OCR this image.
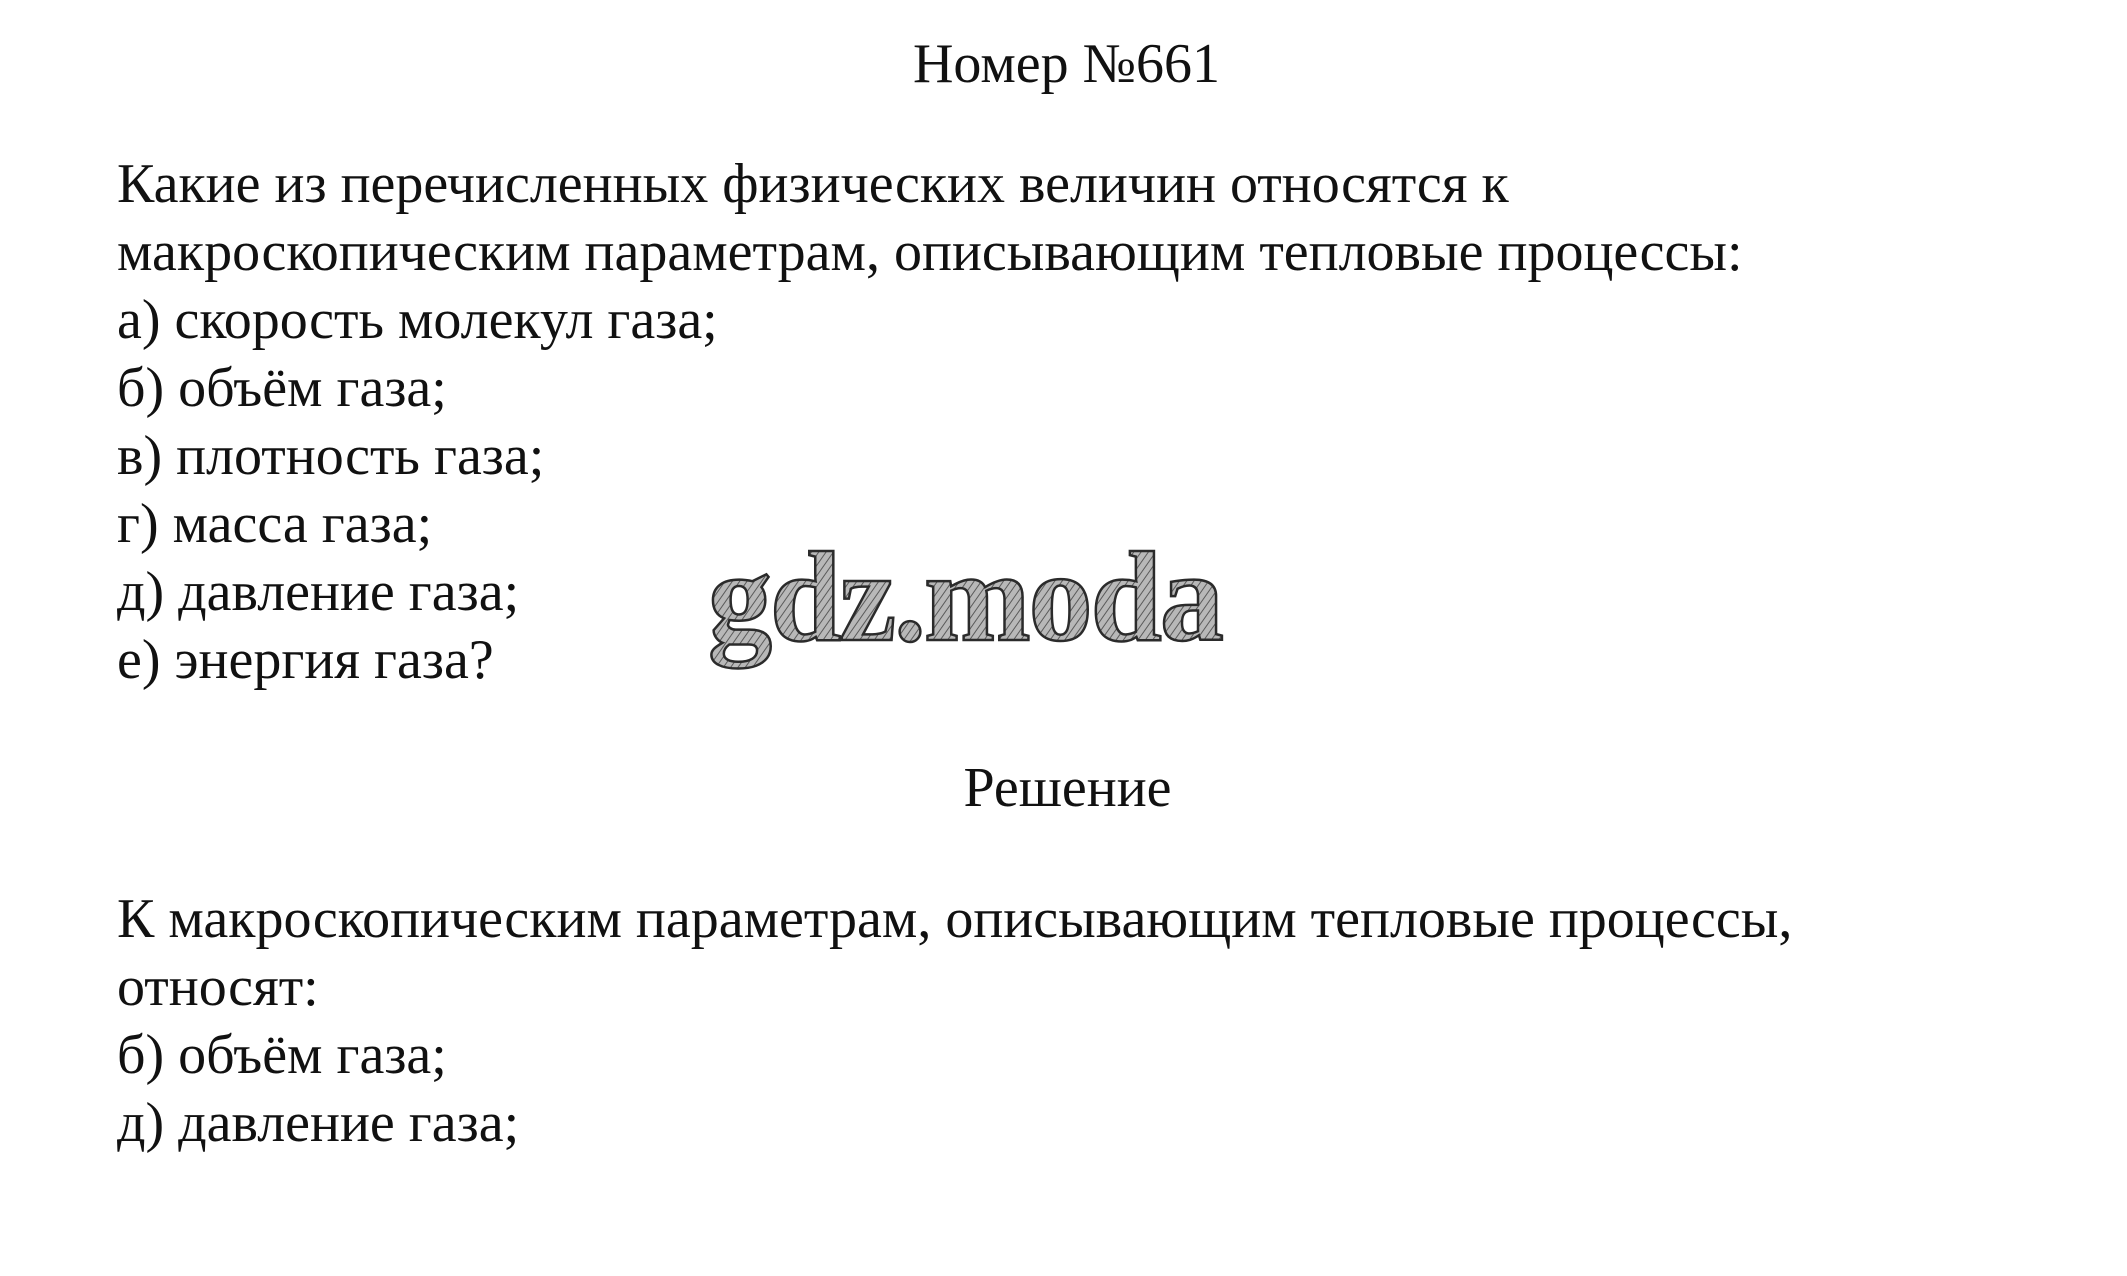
Номер №661
Какие из перечисленных физических величин относятся к
макроскопическим параметрам, описывающим тепловые процессы:
а) скорость молекул газа;
б) объём газа;
в) плотность газа;
г) масса газа;
д) давление газа;
е) энергия газа?	gdz.moda
Решение
К макроскопическим параметрам, описывающим тепловые процессы,
относят:
б) объём газа;
д) давление газа;
